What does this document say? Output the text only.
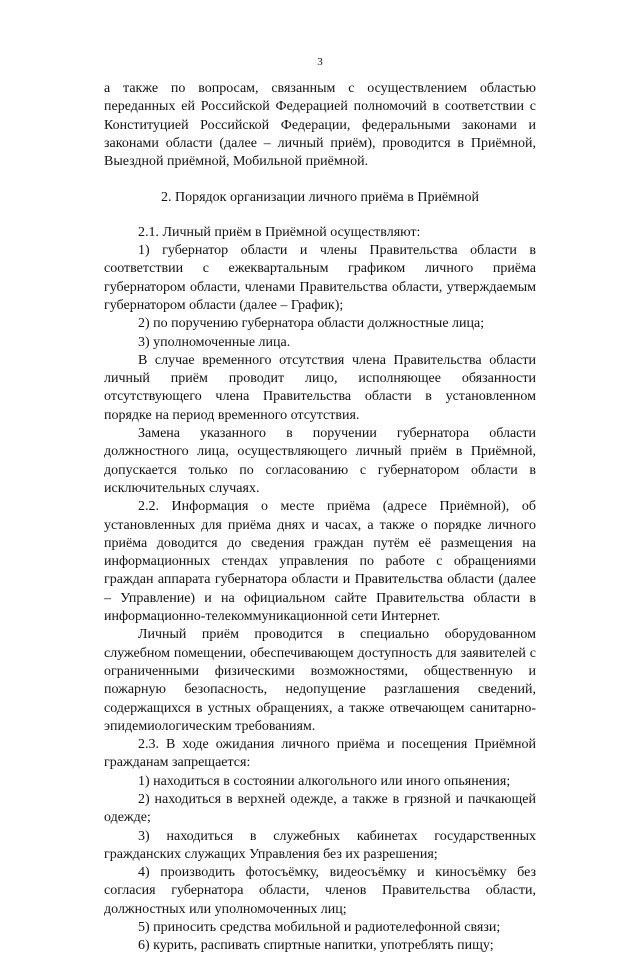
3

а также по вопросам, связанным с осуществлением областью переданных ей Российской Федерацией полномочий в соответствии с Конституцией Российской Федерации, федеральными законами и законами области (далее – личный приём), проводится в Приёмной, Выездной приёмной, Мобильной приёмной.

2. Порядок организации личного приёма в Приёмной

2.1. Личный приём в Приёмной осуществляют:

1) губернатор области и члены Правительства области в соответствии с ежеквартальным графиком личного приёма губернатором области, членами Правительства области, утверждаемым губернатором области (далее – График);

2) по поручению губернатора области должностные лица;

3) уполномоченные лица.

В случае временного отсутствия члена Правительства области личный приём проводит лицо, исполняющее обязанности отсутствующего члена Правительства области в установленном порядке на период временного отсутствия.

Замена указанного в поручении губернатора области должностного лица, осуществляющего личный приём в Приёмной, допускается только по согласованию с губернатором области в исключительных случаях.

2.2. Информация о месте приёма (адресе Приёмной), об установленных для приёма днях и часах, а также о порядке личного приёма доводится до сведения граждан путём её размещения на информационных стендах управления по работе с обращениями граждан аппарата губернатора области и Правительства области (далее – Управление) и на официальном сайте Правительства области в информационно-телекоммуникационной сети Интернет.

Личный приём проводится в специально оборудованном служебном помещении, обеспечивающем доступность для заявителей с ограниченными физическими возможностями, общественную и пожарную безопасность, недопущение разглашения сведений, содержащихся в устных обращениях, а также отвечающем санитарно-эпидемиологическим требованиям.

2.3. В ходе ожидания личного приёма и посещения Приёмной гражданам запрещается:

1) находиться в состоянии алкогольного или иного опьянения;

2) находиться в верхней одежде, а также в грязной и пачкающей одежде;

3) находиться в служебных кабинетах государственных гражданских служащих Управления без их разрешения;

4) производить фотосъёмку, видеосъёмку и киносъёмку без согласия губернатора области, членов Правительства области, должностных или уполномоченных лиц;

5) приносить средства мобильной и радиотелефонной связи;

6) курить, распивать спиртные напитки, употреблять пищу;
